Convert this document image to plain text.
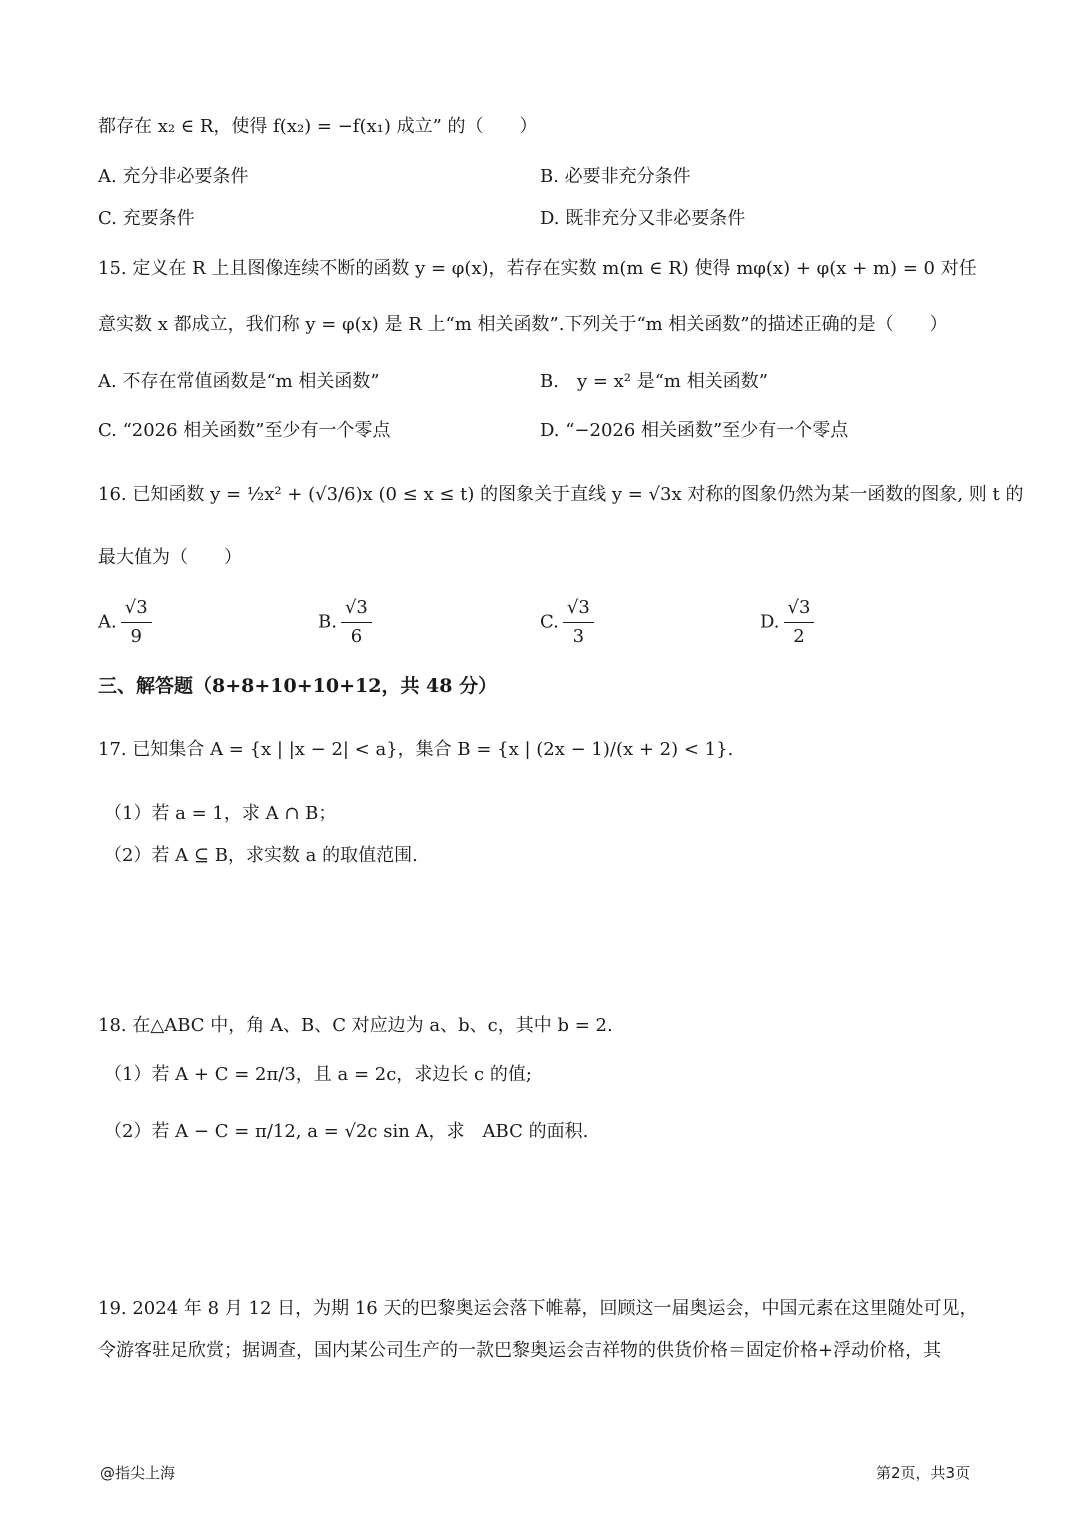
都存在 x₂ ∈ R，使得 f(x₂) = −f(x₁) 成立” 的（　　）
A. 充分非必要条件	B. 必要非充分条件
C. 充要条件	D. 既非充分又非必要条件
15. 定义在 R 上且图像连续不断的函数 y = φ(x)，若存在实数 m(m ∈ R) 使得 mφ(x) + φ(x + m) = 0 对任
意实数 x 都成立，我们称 y = φ(x) 是 R 上“m 相关函数”.下列关于“m 相关函数”的描述正确的是（　　）
A. 不存在常值函数是“m 相关函数”	B.　y = x² 是“m 相关函数”
C. “2026 相关函数”至少有一个零点	D. “−2026 相关函数”至少有一个零点
16. 已知函数 y = ½x² + (√3/6)x (0 ≤ x ≤ t) 的图象关于直线 y = √3x 对称的图象仍然为某一函数的图象, 则 t 的
最大值为（　　）
A. $\frac{√3}{9}$	B. $\frac{√3}{6}$	C. $\frac{√3}{3}$	D. $\frac{√3}{2}$
三、解答题（8+8+10+10+12，共 48 分）
17. 已知集合 A = {x | |x − 2| < a}，集合 B = {x | (2x − 1)/(x + 2) < 1}.
（1）若 a = 1，求 A ∩ B；
（2）若 A ⊆ B，求实数 a 的取值范围.
18. 在△ABC 中，角 A、B、C 对应边为 a、b、c，其中 b = 2.
（1）若 A + C = 2π/3，且 a = 2c，求边长 c 的值;
（2）若 A − C = π/12, a = √2c sin A，求　ABC 的面积.
19. 2024 年 8 月 12 日，为期 16 天的巴黎奥运会落下帷幕，回顾这一届奥运会，中国元素在这里随处可见，
令游客驻足欣赏；据调查，国内某公司生产的一款巴黎奥运会吉祥物的供货价格＝固定价格+浮动价格，其
@指尖上海	第2页，共3页
